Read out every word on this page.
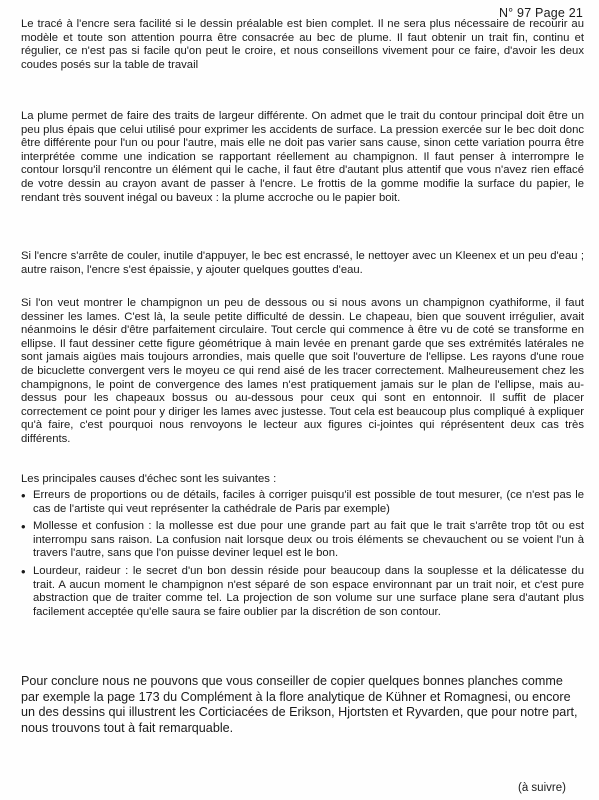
N° 97 Page 21

Le tracé à l'encre sera facilité si le dessin préalable est bien complet. Il ne sera plus nécessaire de recourir au modèle et toute son attention pourra être consacrée au bec de plume. Il faut obtenir un trait fin, continu et régulier, ce n'est pas si facile qu'on peut le croire, et nous conseillons vivement pour ce faire, d'avoir les deux coudes posés sur la table de travail

La plume permet de faire des traits de largeur différente. On admet que le trait du contour principal doit être un peu plus épais que celui utilisé pour exprimer les accidents de surface. La pression exercée sur le bec doit donc être différente pour l'un ou pour l'autre, mais elle ne doit pas varier sans cause, sinon cette variation pourra être interprétée comme une indication se rapportant réellement au champignon. Il faut penser à interrompre le contour lorsqu'il rencontre un élément qui le cache, il faut être d'autant plus attentif que vous n'avez rien effacé de votre dessin au crayon avant de passer à l'encre. Le frottis de la gomme modifie la surface du papier, le rendant très souvent inégal ou baveux : la plume accroche ou le papier boit.

Si l'encre s'arrête de couler, inutile d'appuyer, le bec est encrassé, le nettoyer avec un Kleenex et un peu d'eau ; autre raison, l'encre s'est épaissie, y ajouter quelques gouttes d'eau.

Si l'on veut montrer le champignon un peu de dessous ou si nous avons un champignon cyathiforme, il faut dessiner les lames. C'est là, la seule petite difficulté de dessin. Le chapeau, bien que souvent irrégulier, avait néanmoins le désir d'être parfaitement circulaire. Tout cercle qui commence à être vu de coté se transforme en ellipse. Il faut dessiner cette figure géométrique à main levée en prenant garde que ses extrémités latérales ne sont jamais aigües mais toujours arrondies, mais quelle que soit l'ouverture de l'ellipse. Les rayons d'une roue de bicuclette convergent vers le moyeu ce qui rend aisé de les tracer correctement. Malheureusement chez les champignons, le point de convergence des lames n'est pratiquement jamais sur le plan de l'ellipse, mais au-dessus pour les chapeaux bossus ou au-dessous pour ceux qui sont en entonnoir. Il suffit de placer correctement ce point pour y diriger les lames avec justesse. Tout cela est beaucoup plus compliqué à expliquer qu'à faire, c'est pourquoi nous renvoyons le lecteur aux figures ci-jointes qui réprésentent deux cas très différents.

Les principales causes d'échec sont les suivantes :

• Erreurs de proportions ou de détails, faciles à corriger puisqu'il est possible de tout mesurer, (ce n'est pas le cas de l'artiste qui veut représenter la cathédrale de Paris par exemple)
• Mollesse et confusion : la mollesse est due pour une grande part au fait que le trait s'arrête trop tôt ou est interrompu sans raison. La confusion nait lorsque deux ou trois éléments se chevauchent ou se voient l'un à travers l'autre, sans que l'on puisse deviner lequel est le bon.
• Lourdeur, raideur : le secret d'un bon dessin réside pour beaucoup dans la souplesse et la délicatesse du trait. A aucun moment le champignon n'est séparé de son espace environnant par un trait noir, et c'est pure abstraction que de traiter comme tel. La projection de son volume sur une surface plane sera d'autant plus facilement acceptée qu'elle saura se faire oublier par la discrétion de son contour.

Pour conclure nous ne pouvons que vous conseiller de copier quelques bonnes planches comme par exemple la page 173 du Complément à la flore analytique de Kühner et Romagnesi, ou encore un des dessins qui illustrent les Corticiacées de Erikson, Hjortsten et Ryvarden, que pour notre part, nous trouvons tout à fait remarquable.

(à suivre)
